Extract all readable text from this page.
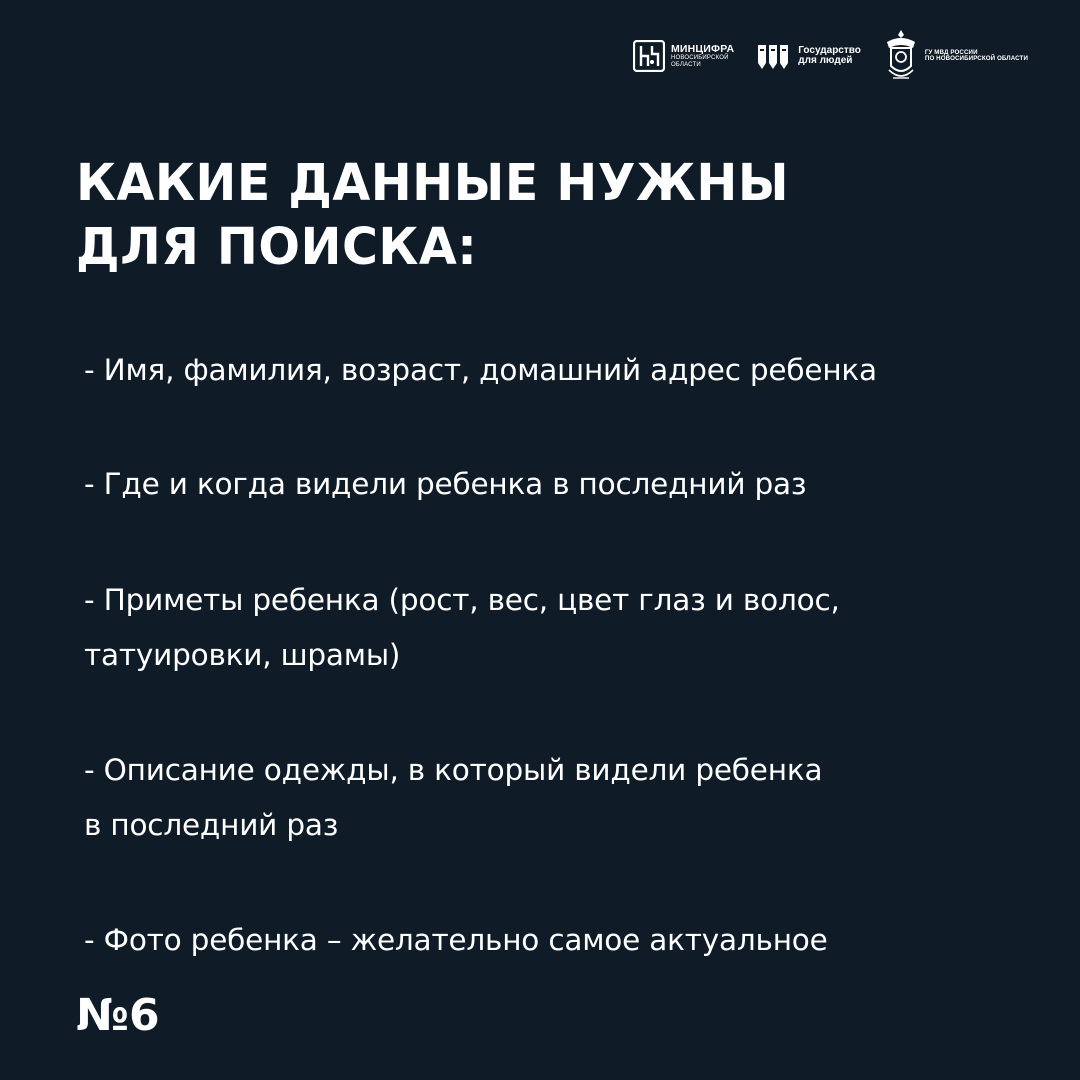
МИНЦИФРА
НОВОСИБИРСКОЙ
ОБЛАСТИ
Государство
для людей
ГУ МВД РОССИИ
ПО НОВОСИБИРСКОЙ ОБЛАСТИ
КАКИЕ ДАННЫЕ НУЖНЫ
ДЛЯ ПОИСКА:
- Имя, фамилия, возраст, домашний адрес ребенка
- Где и когда видели ребенка в последний раз
- Приметы ребенка (рост, вес, цвет глаз и волос,
татуировки, шрамы)
- Описание одежды, в который видели ребенка
в последний раз
- Фото ребенка – желательно самое актуальное
№6
